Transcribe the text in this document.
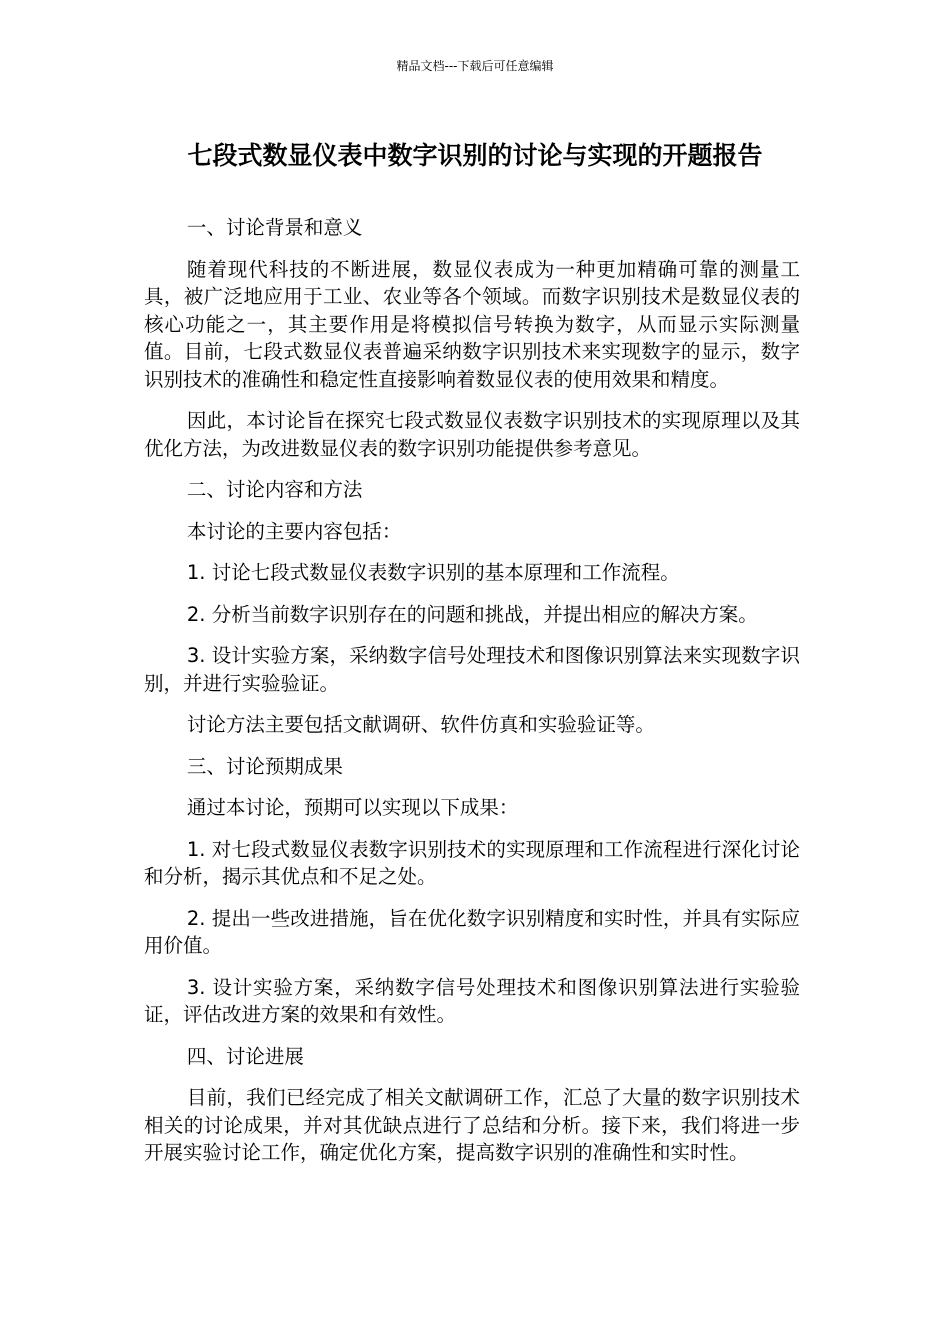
精品文档---下载后可任意编辑
七段式数显仪表中数字识别的讨论与实现的开题报告

一、讨论背景和意义

随着现代科技的不断进展，数显仪表成为一种更加精确可靠的测量工具，被广泛地应用于工业、农业等各个领域。而数字识别技术是数显仪表的核心功能之一，其主要作用是将模拟信号转换为数字，从而显示实际测量值。目前，七段式数显仪表普遍采纳数字识别技术来实现数字的显示，数字识别技术的准确性和稳定性直接影响着数显仪表的使用效果和精度。

因此，本讨论旨在探究七段式数显仪表数字识别技术的实现原理以及其优化方法，为改进数显仪表的数字识别功能提供参考意见。

二、讨论内容和方法

本讨论的主要内容包括：

1. 讨论七段式数显仪表数字识别的基本原理和工作流程。

2. 分析当前数字识别存在的问题和挑战，并提出相应的解决方案。

3. 设计实验方案，采纳数字信号处理技术和图像识别算法来实现数字识别，并进行实验验证。

讨论方法主要包括文献调研、软件仿真和实验验证等。

三、讨论预期成果

通过本讨论，预期可以实现以下成果：

1. 对七段式数显仪表数字识别技术的实现原理和工作流程进行深化讨论和分析，揭示其优点和不足之处。

2. 提出一些改进措施，旨在优化数字识别精度和实时性，并具有实际应用价值。

3. 设计实验方案，采纳数字信号处理技术和图像识别算法进行实验验证，评估改进方案的效果和有效性。

四、讨论进展

目前，我们已经完成了相关文献调研工作，汇总了大量的数字识别技术相关的讨论成果，并对其优缺点进行了总结和分析。接下来，我们将进一步开展实验讨论工作，确定优化方案，提高数字识别的准确性和实时性。
